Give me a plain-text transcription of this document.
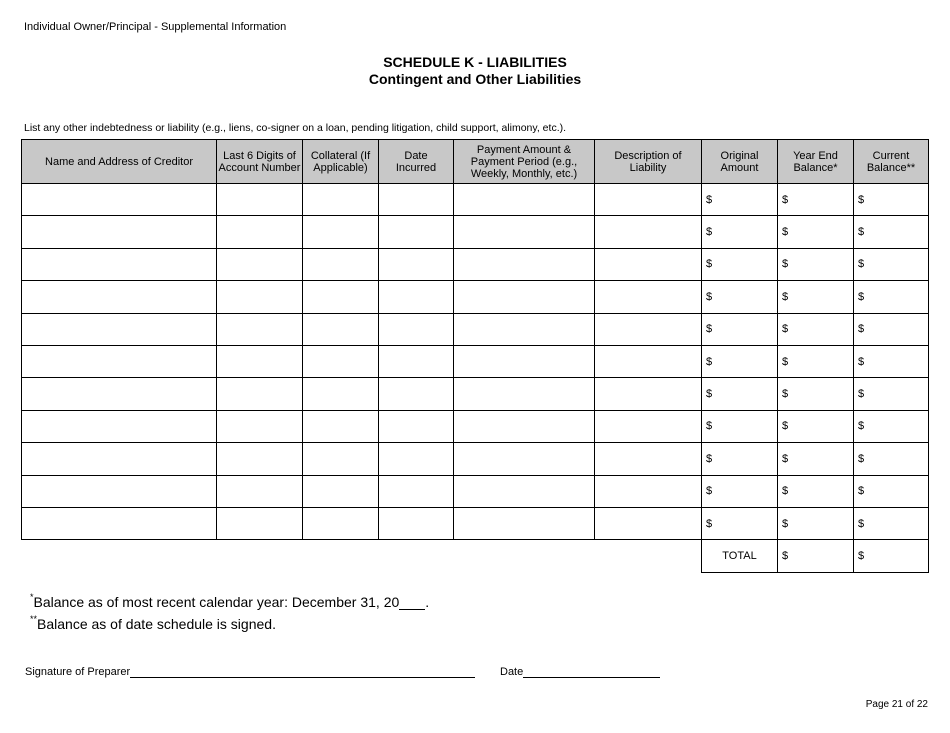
Individual Owner/Principal - Supplemental Information
SCHEDULE K - LIABILITIES
Contingent and Other Liabilities
List any other indebtedness or liability (e.g., liens, co-signer on a loan, pending litigation, child support, alimony, etc.).
Name and Address of Creditor	Last 6 Digits of Account Number	Collateral (If Applicable)	Date Incurred	Payment Amount & Payment Period (e.g., Weekly, Monthly, etc.)	Description of Liability	Original Amount	Year End Balance*	Current Balance**
						$	$	$
						$	$	$
						$	$	$
						$	$	$
						$	$	$
						$	$	$
						$	$	$
						$	$	$
						$	$	$
						$	$	$
						$	$	$
						TOTAL	$	$
*Balance as of most recent calendar year: December 31, 20 .
**Balance as of date schedule is signed.
Signature of Preparer	Date
Page 21 of 22
